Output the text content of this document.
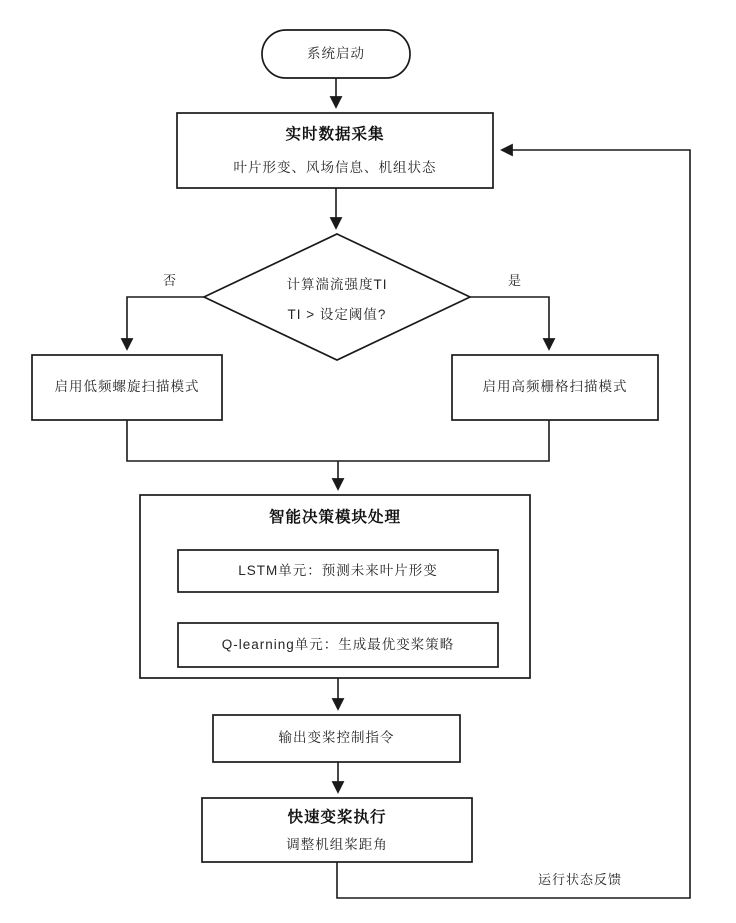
系统启动
实时数据采集
叶片形变、风场信息、机组状态
计算湍流强度TI
TI > 设定阈值?
否	是
启用低频螺旋扫描模式	启用高频栅格扫描模式
智能决策模块处理
LSTM单元：预测未来叶片形变
Q-learning单元：生成最优变桨策略
输出变桨控制指令
快速变桨执行
调整机组桨距角
运行状态反馈
